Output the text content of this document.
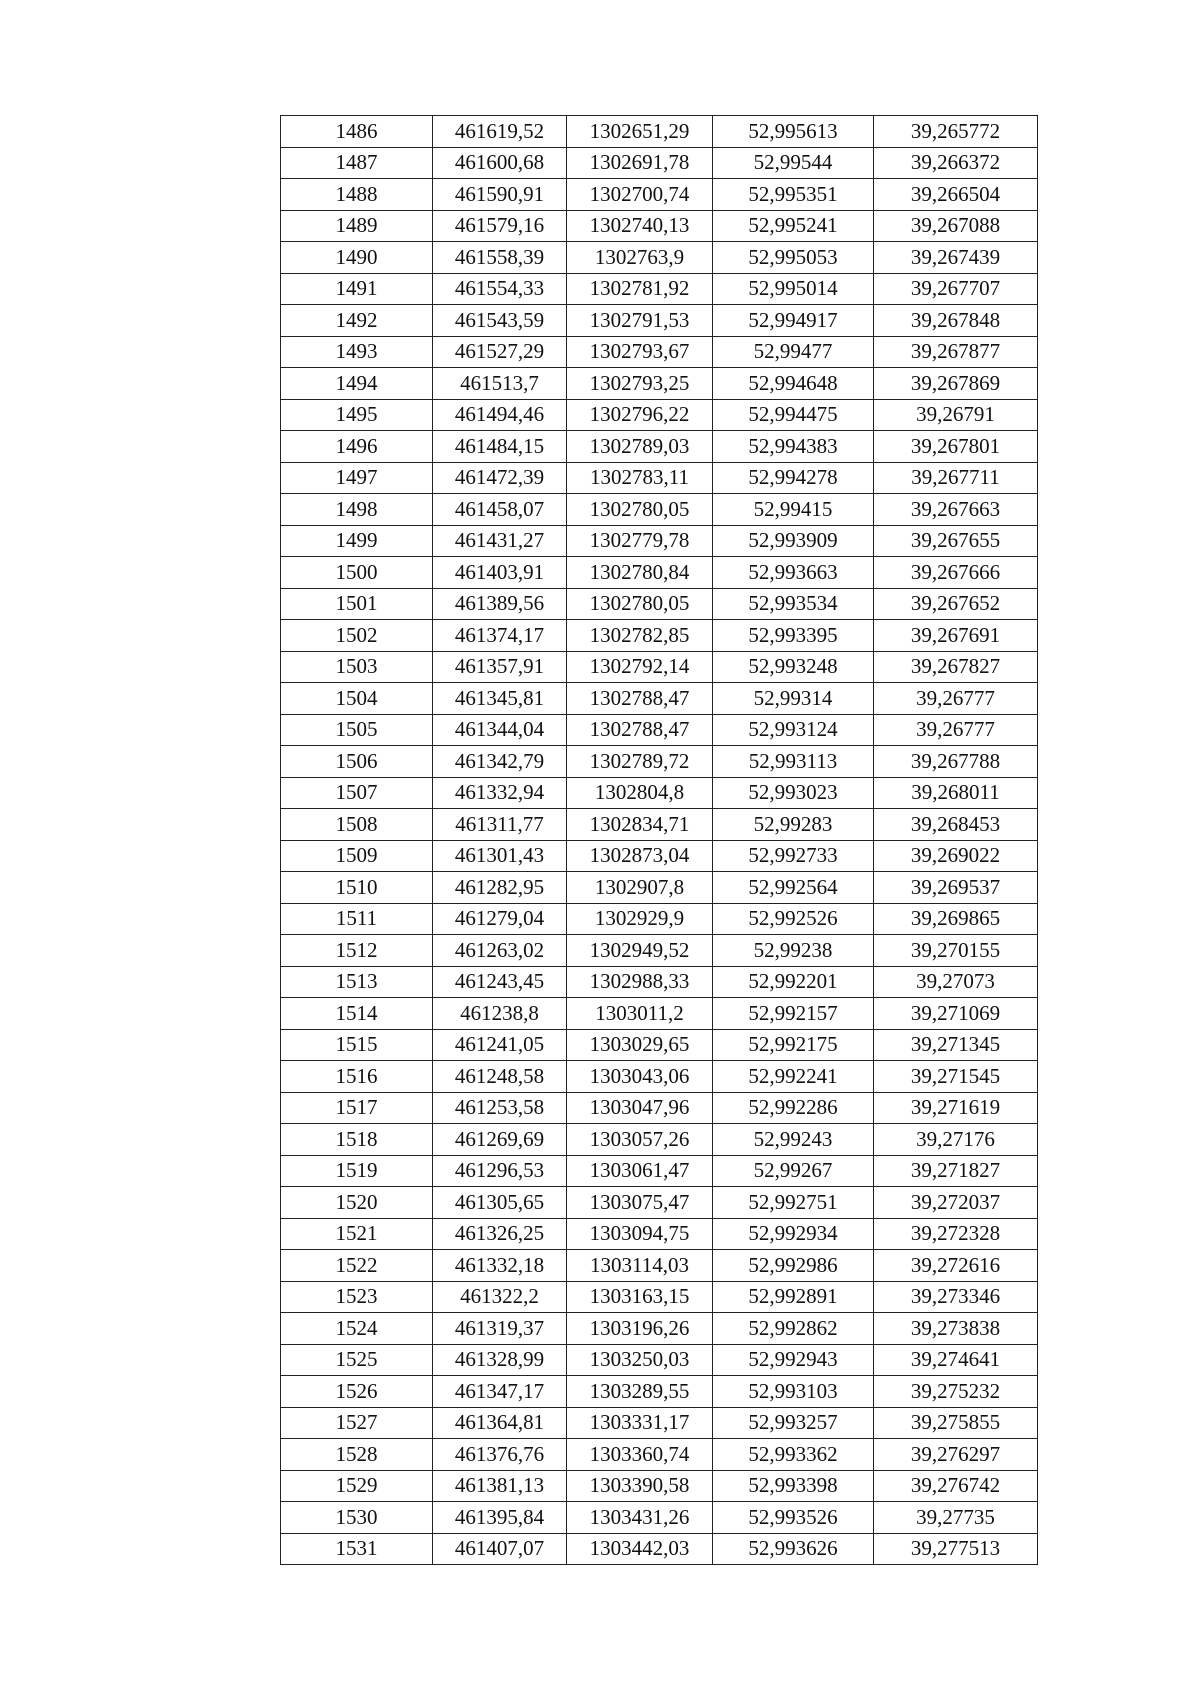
1486	461619,52	1302651,29	52,995613	39,265772
1487	461600,68	1302691,78	52,99544	39,266372
1488	461590,91	1302700,74	52,995351	39,266504
1489	461579,16	1302740,13	52,995241	39,267088
1490	461558,39	1302763,9	52,995053	39,267439
1491	461554,33	1302781,92	52,995014	39,267707
1492	461543,59	1302791,53	52,994917	39,267848
1493	461527,29	1302793,67	52,99477	39,267877
1494	461513,7	1302793,25	52,994648	39,267869
1495	461494,46	1302796,22	52,994475	39,26791
1496	461484,15	1302789,03	52,994383	39,267801
1497	461472,39	1302783,11	52,994278	39,267711
1498	461458,07	1302780,05	52,99415	39,267663
1499	461431,27	1302779,78	52,993909	39,267655
1500	461403,91	1302780,84	52,993663	39,267666
1501	461389,56	1302780,05	52,993534	39,267652
1502	461374,17	1302782,85	52,993395	39,267691
1503	461357,91	1302792,14	52,993248	39,267827
1504	461345,81	1302788,47	52,99314	39,26777
1505	461344,04	1302788,47	52,993124	39,26777
1506	461342,79	1302789,72	52,993113	39,267788
1507	461332,94	1302804,8	52,993023	39,268011
1508	461311,77	1302834,71	52,99283	39,268453
1509	461301,43	1302873,04	52,992733	39,269022
1510	461282,95	1302907,8	52,992564	39,269537
1511	461279,04	1302929,9	52,992526	39,269865
1512	461263,02	1302949,52	52,99238	39,270155
1513	461243,45	1302988,33	52,992201	39,27073
1514	461238,8	1303011,2	52,992157	39,271069
1515	461241,05	1303029,65	52,992175	39,271345
1516	461248,58	1303043,06	52,992241	39,271545
1517	461253,58	1303047,96	52,992286	39,271619
1518	461269,69	1303057,26	52,99243	39,27176
1519	461296,53	1303061,47	52,99267	39,271827
1520	461305,65	1303075,47	52,992751	39,272037
1521	461326,25	1303094,75	52,992934	39,272328
1522	461332,18	1303114,03	52,992986	39,272616
1523	461322,2	1303163,15	52,992891	39,273346
1524	461319,37	1303196,26	52,992862	39,273838
1525	461328,99	1303250,03	52,992943	39,274641
1526	461347,17	1303289,55	52,993103	39,275232
1527	461364,81	1303331,17	52,993257	39,275855
1528	461376,76	1303360,74	52,993362	39,276297
1529	461381,13	1303390,58	52,993398	39,276742
1530	461395,84	1303431,26	52,993526	39,27735
1531	461407,07	1303442,03	52,993626	39,277513
